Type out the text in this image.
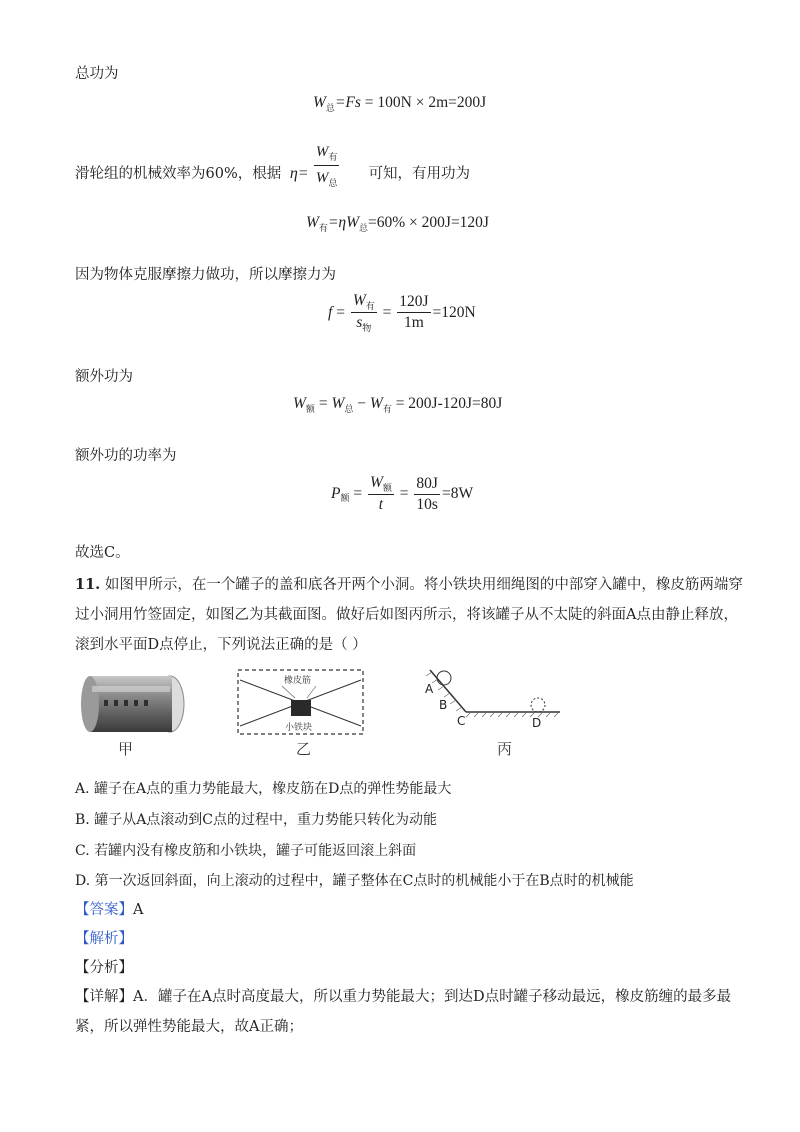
总功为
$W_总=Fs = 100N \times 2m=200J$
滑轮组的机械效率为60%，根据 η=
$W_有$
$W_总$
可知，有用功为
$W_有=\eta W_总=60\% \times 200J=120J$
因为物体克服摩擦力做功，所以摩擦力为
$f = \frac{W_有}{s_物} = \frac{120J}{1m} =120N$
额外功为
$W_额 = W_总 - W_有 = 200J-120J=80J$
额外功的功率为
P 额 = $\frac{W_额}{t} = \frac{80J}{10s} =8W$
故选C。
11. 如图甲所示，在一个罐子的盖和底各开两个小洞。将小铁块用细绳图的中部穿入罐中，橡皮筋两端穿
过小洞用竹签固定，如图乙为其截面图。做好后如图丙所示，将该罐子从不太陡的斜面A点由静止释放，
滚到水平面D点停止，下列说法正确的是（ ）
甲
橡皮筋
小铁块
乙
A
B
C	D
丙
A. 罐子在A点的重力势能最大，橡皮筋在D点的弹性势能最大
B. 罐子从A点滚动到C点的过程中，重力势能只转化为动能
C. 若罐内没有橡皮筋和小铁块，罐子可能返回滚上斜面
D. 第一次返回斜面，向上滚动的过程中，罐子整体在C点时的机械能小于在B点时的机械能
【答案】A
【解析】
【分析】
【详解】A．罐子在A点时高度最大，所以重力势能最大；到达D点时罐子移动最远，橡皮筋缠的最多最
紧，所以弹性势能最大，故A正确；
